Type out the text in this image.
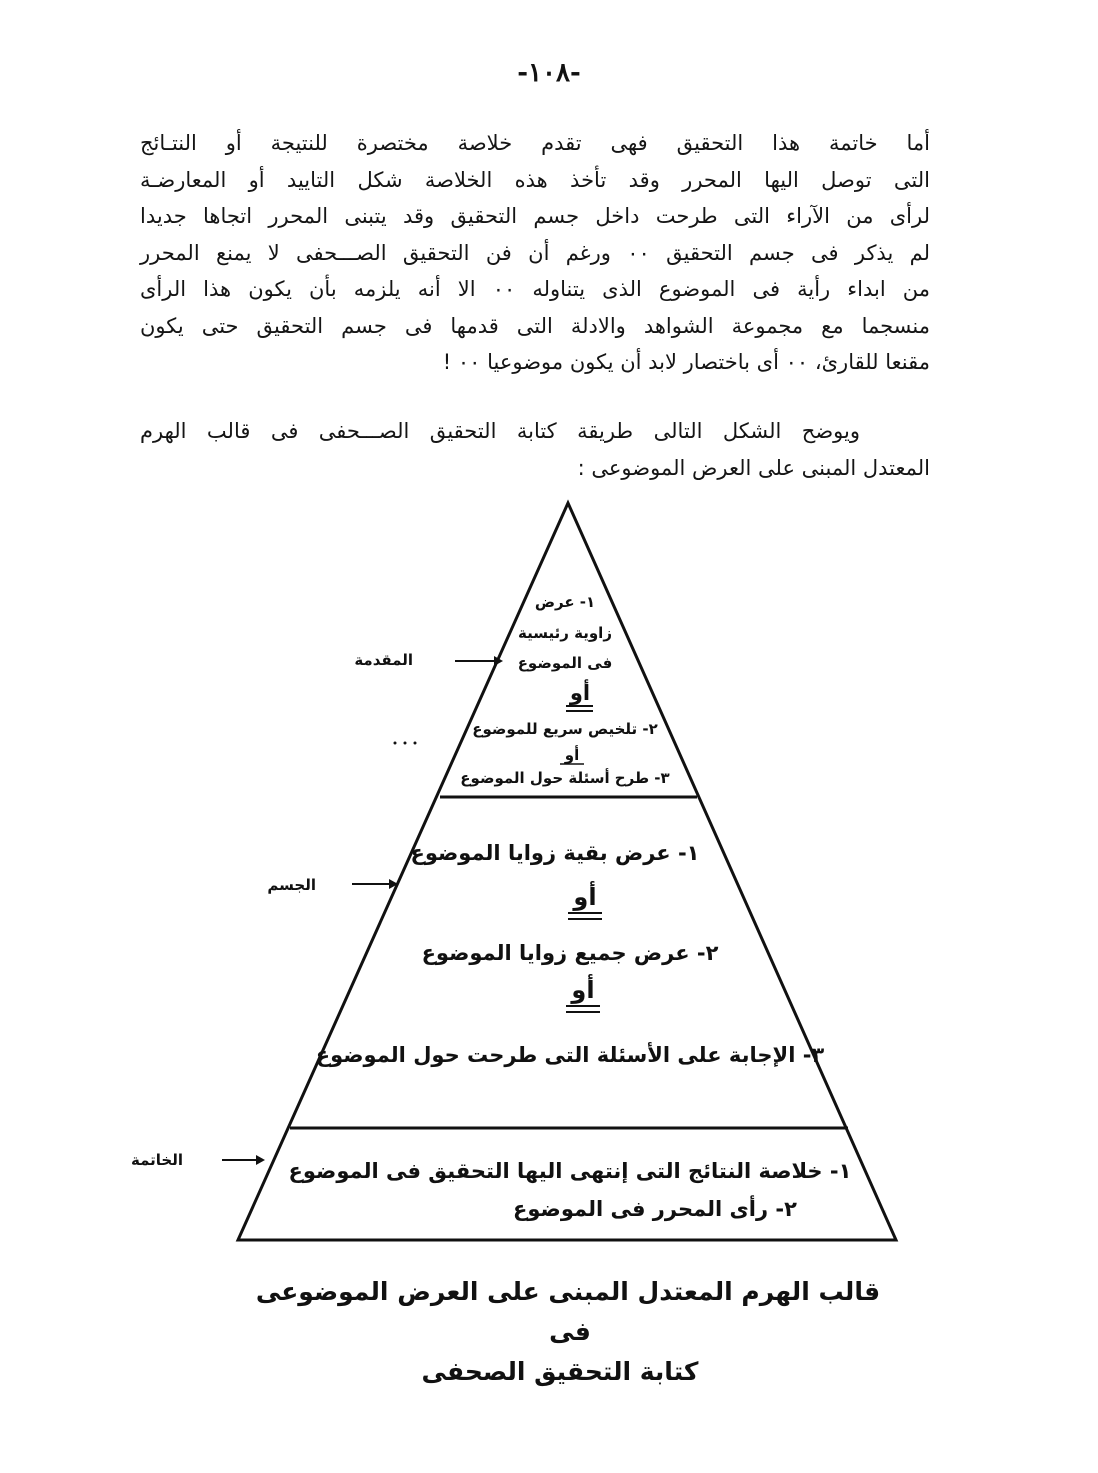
-١٠٨-
أما خاتمة هذا التحقيق فهى تقدم خلاصة مختصرة للنتيجة أو النتـائج
التى توصل اليها المحرر وقد تأخذ هذه الخلاصة شكل التاييد أو المعارضـة
لرأى من الآراء التى طرحت داخل جسم التحقيق وقد يتبنى المحرر اتجاها جديدا
لم يذكر فى جسم التحقيق ٠٠ ورغم أن فن التحقيق الصـــحفى لا يمنع المحرر
من ابداء رأية فى الموضوع الذى يتناوله ٠٠ الا أنه يلزمه بأن يكون هذا الرأى
منسجما مع مجموعة الشواهد والادلة التى قدمها فى جسم التحقيق حتى يكون
مقنعا للقارئ، ٠٠ أى باختصار لابد أن يكون موضوعيا ٠٠ !
ويوضح الشكل التالى طريقة كتابة التحقيق الصـــحفى فى قالب الهرم
المعتدل المبنى على العرض الموضوعى :
المقدمة
الجسم
الخاتمة
١- عرض
زاوية رئيسية
فى الموضوع
أو
٢- تلخيص سريع للموضوع
أو
٣- طرح أسئلة حول الموضوع
١- عرض بقية زوايا الموضوع
أو
٢- عرض جميع زوايا الموضوع
أو
٣- الإجابة على الأسئلة التى طرحت حول الموضوع
١- خلاصة النتائج التى إنتهى اليها التحقيق فى الموضوع
٢- رأى المحرر فى الموضوع
قالب الهرم المعتدل المبنى على العرض الموضوعى
فى
كتابة التحقيق الصحفى
